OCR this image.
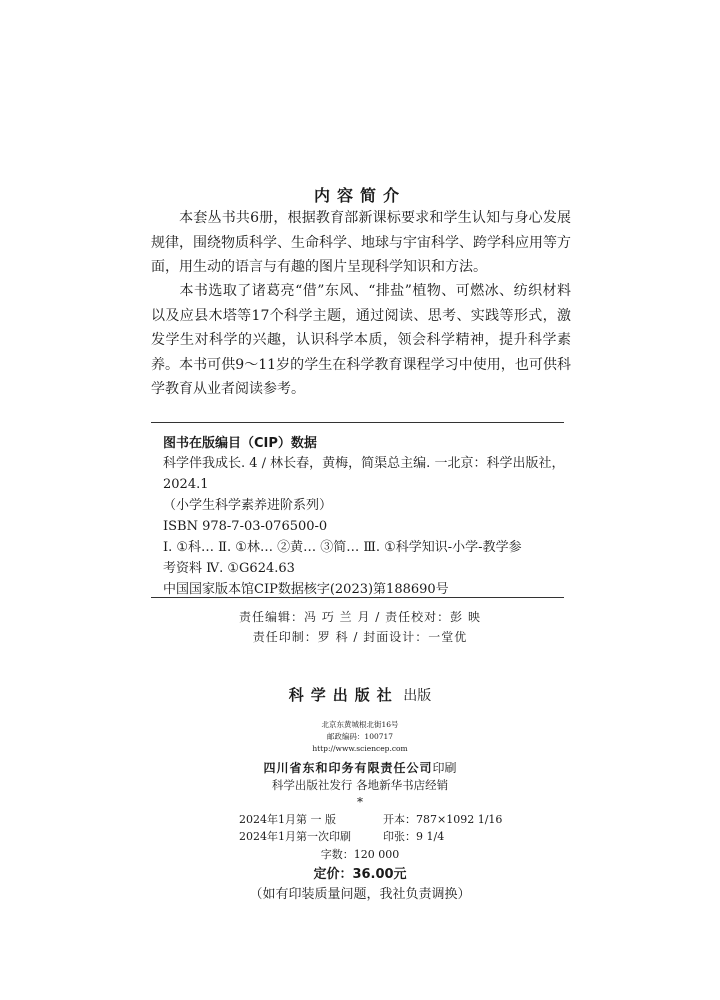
内容简介
本套丛书共6册，根据教育部新课标要求和学生认知与身心发展规律，围绕物质科学、生命科学、地球与宇宙科学、跨学科应用等方面，用生动的语言与有趣的图片呈现科学知识和方法。
本书选取了诸葛亮“借”东风、“排盐”植物、可燃冰、纺织材料以及应县木塔等17个科学主题，通过阅读、思考、实践等形式，激发学生对科学的兴趣，认识科学本质，领会科学精神，提升科学素养。本书可供9～11岁的学生在科学教育课程学习中使用，也可供科学教育从业者阅读参考。
图书在版编目（CIP）数据
科学伴我成长. 4 / 林长春，黄梅，简渠总主编. 一北京：科学出版社，
2024.1
（小学生科学素养进阶系列）
ISBN 978-7-03-076500-0
Ⅰ. ①科… Ⅱ. ①林… ②黄… ③简… Ⅲ. ①科学知识-小学-教学参
考资料 Ⅳ. ①G624.63
中国国家版本馆CIP数据核字(2023)第188690号
责任编辑：冯 巧 兰 月 / 责任校对：彭 映
责任印制：罗 科 / 封面设计：一堂优
科学出版社 出版
北京东黄城根北街16号
邮政编码：100717
http://www.sciencep.com
四川省东和印务有限责任公司印刷
科学出版社发行 各地新华书店经销
*
2024年1月第 一 版	开本：787×1092 1/16
2024年1月第一次印刷	印张：9 1/4
字数：120 000
定价：36.00元
（如有印装质量问题，我社负责调换）
